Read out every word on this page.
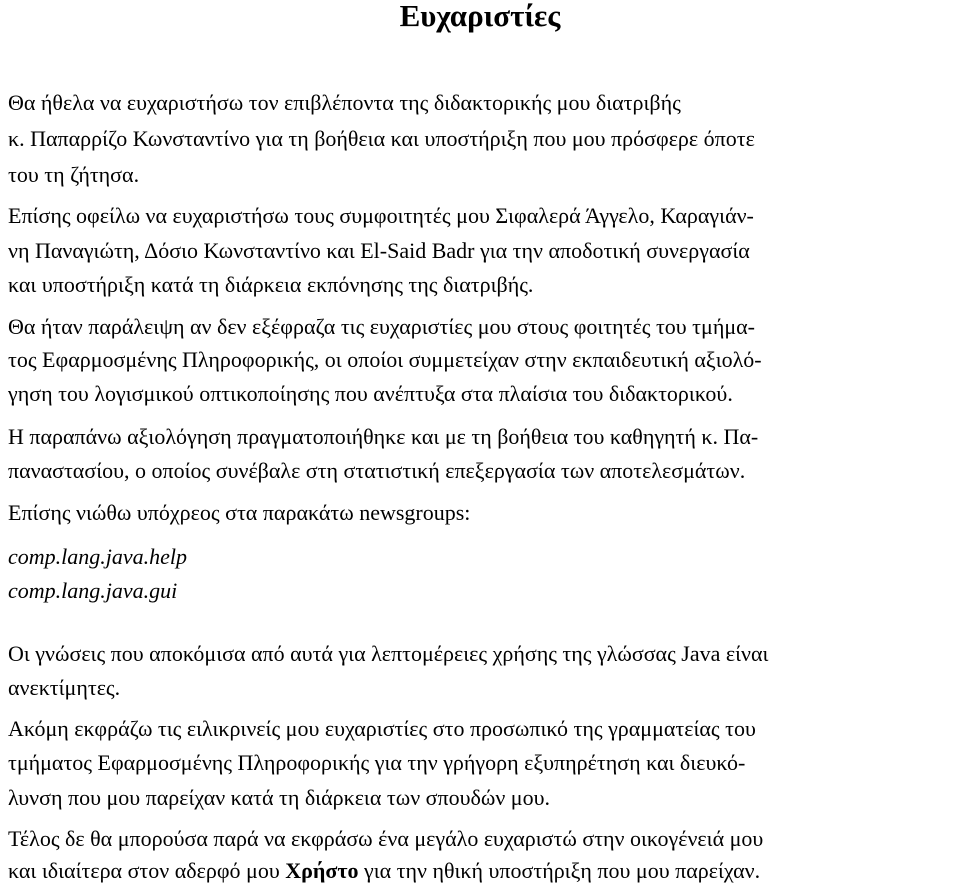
Ευχαριστίες

Θα ήθελα να ευχαριστήσω τον επιβλέποντα της διδακτορικής μου διατριβής

κ. Παπαρρίζο Κωνσταντίνο για τη βοήθεια και υποστήριξη που μου πρόσφερε όποτε

του τη ζήτησα.

Επίσης οφείλω να ευχαριστήσω τους συμφοιτητές μου Σιφαλερά Άγγελο, Καραγιάν-

νη Παναγιώτη, Δόσιο Κωνσταντίνο και El-Said Badr για την αποδοτική συνεργασία

και υποστήριξη κατά τη διάρκεια εκπόνησης της διατριβής.

Θα ήταν παράλειψη αν δεν εξέφραζα τις ευχαριστίες μου στους φοιτητές του τμήμα-

τος Εφαρμοσμένης Πληροφορικής, οι οποίοι συμμετείχαν στην εκπαιδευτική αξιολό-

γηση του λογισμικού οπτικοποίησης που ανέπτυξα στα πλαίσια του διδακτορικού.

Η παραπάνω αξιολόγηση πραγματοποιήθηκε και με τη βοήθεια του καθηγητή κ. Πα-

παναστασίου, ο οποίος συνέβαλε στη στατιστική επεξεργασία των αποτελεσμάτων.

Επίσης νιώθω υπόχρεος στα παρακάτω newsgroups:

comp.lang.java.help

comp.lang.java.gui

Οι γνώσεις που αποκόμισα από αυτά για λεπτομέρειες χρήσης της γλώσσας Java είναι

ανεκτίμητες.

Ακόμη εκφράζω τις ειλικρινείς μου ευχαριστίες στο προσωπικό της γραμματείας του

τμήματος Εφαρμοσμένης Πληροφορικής για την γρήγορη εξυπηρέτηση και διευκό-

λυνση που μου παρείχαν κατά τη διάρκεια των σπουδών μου.

Τέλος δε θα μπορούσα παρά να εκφράσω ένα μεγάλο ευχαριστώ στην οικογένειά μου

και ιδιαίτερα στον αδερφό μου Χρήστο για την ηθική υποστήριξη που μου παρείχαν.
